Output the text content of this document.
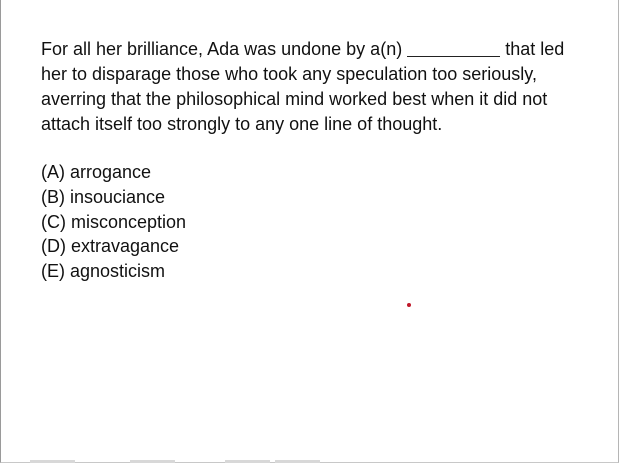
For all her brilliance, Ada was undone by a(n)	that led
her to disparage those who took any speculation too seriously,
averring that the philosophical mind worked best when it did not
attach itself too strongly to any one line of thought.
(A) arrogance
(B) insouciance
(C) misconception
(D) extravagance
(E) agnosticism
